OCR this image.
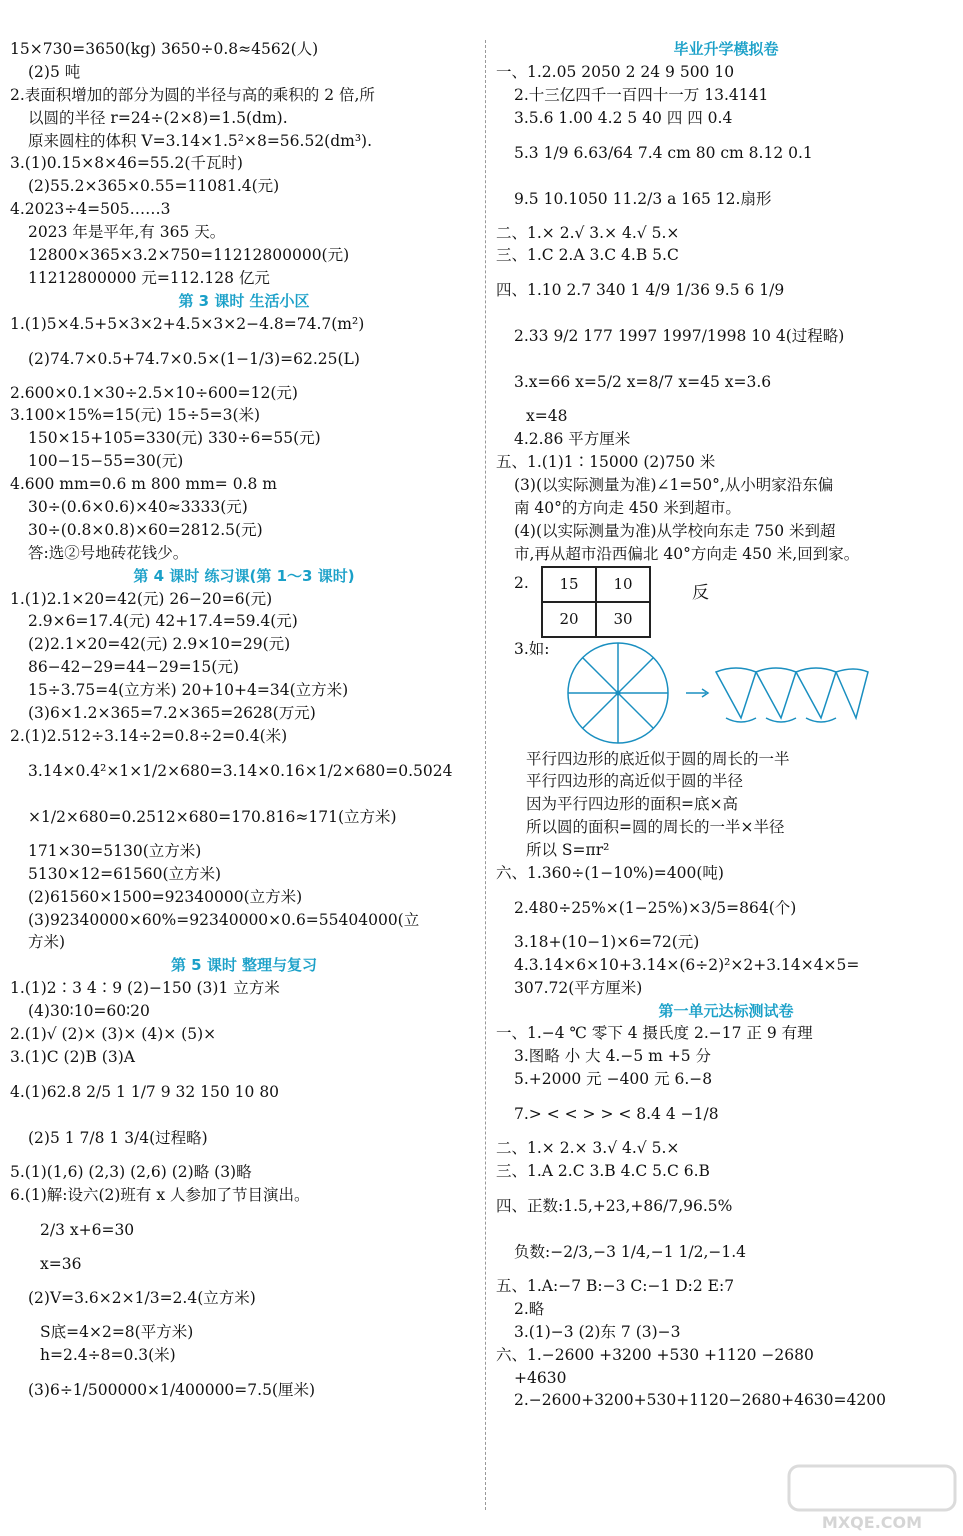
15×730=3650(kg) 3650÷0.8≈4562(人)
(2)5 吨
2.表面积增加的部分为圆的半径与高的乘积的 2 倍,所
以圆的半径 r=24÷(2×8)=1.5(dm).
原来圆柱的体积 V=3.14×1.5²×8=56.52(dm³).
3.(1)0.15×8×46=55.2(千瓦时)
(2)55.2×365×0.55=11081.4(元)
4.2023÷4=505……3
2023 年是平年,有 365 天。
12800×365×3.2×750=11212800000(元)
11212800000 元=112.128 亿元
第 3 课时 生活小区
1.(1)5×4.5+5×3×2+4.5×3×2−4.8=74.7(m²)
(2)74.7×0.5+74.7×0.5×(1−1/3)=62.25(L)
2.600×0.1×30÷2.5×10÷600=12(元)
3.100×15%=15(元) 15÷5=3(米)
150×15+105=330(元) 330÷6=55(元)
100−15−55=30(元)
4.600 mm=0.6 m 800 mm= 0.8 m
30÷(0.6×0.6)×40≈3333(元)
30÷(0.8×0.8)×60=2812.5(元)
答:选②号地砖花钱少。
第 4 课时 练习课(第 1～3 课时)
1.(1)2.1×20=42(元) 26−20=6(元)
2.9×6=17.4(元) 42+17.4=59.4(元)
(2)2.1×20=42(元) 2.9×10=29(元)
86−42−29=44−29=15(元)
15÷3.75=4(立方米) 20+10+4=34(立方米)
(3)6×1.2×365=7.2×365=2628(万元)
2.(1)2.512÷3.14÷2=0.8÷2=0.4(米)
3.14×0.4²×1×1/2×680=3.14×0.16×1/2×680=0.5024
×1/2×680=0.2512×680=170.816≈171(立方米)
171×30=5130(立方米)
5130×12=61560(立方米)
(2)61560×1500=92340000(立方米)
(3)92340000×60%=92340000×0.6=55404000(立
方米)
第 5 课时 整理与复习
1.(1)2∶3 4∶9 (2)−150 (3)1 立方米
(4)30∶10=60∶20
2.(1)√ (2)× (3)× (4)× (5)×
3.(1)C (2)B (3)A
4.(1)62.8 2/5 1 1/7 9 32 150 10 80
(2)5 1 7/8 1 3/4(过程略)
5.(1)(1,6) (2,3) (2,6) (2)略 (3)略
6.(1)解:设六(2)班有 x 人参加了节目演出。
2/3 x+6=30
x=36
(2)V=3.6×2×1/3=2.4(立方米)
S底=4×2=8(平方米)
h=2.4÷8=0.3(米)
(3)6÷1/500000×1/400000=7.5(厘米)
毕业升学模拟卷
一、1.2.05 2050 2 24 9 500 10
2.十三亿四千一百四十一万 13.4141
3.5.6 1.00 4.2 5 40 四 四 0.4
5.3 1/9 6.63/64 7.4 cm 80 cm 8.12 0.1
9.5 10.1050 11.2/3 a 165 12.扇形
二、1.× 2.√ 3.× 4.√ 5.×
三、1.C 2.A 3.C 4.B 5.C
四、1.10 2.7 340 1 4/9 1/36 9.5 6 1/9
2.33 9/2 177 1997 1997/1998 10 4(过程略)
3.x=66 x=5/2 x=8/7 x=45 x=3.6
x=48
4.2.86 平方厘米
五、1.(1)1∶15000 (2)750 米
(3)(以实际测量为准)∠1=50°,从小明家沿东偏
南 40°的方向走 450 米到超市。
(4)(以实际测量为准)从学校向东走 750 米到超
市,再从超市沿西偏北 40°方向走 450 米,回到家。
2.	15	10
20	30
反
3.如:
平行四边形的底近似于圆的周长的一半
平行四边形的高近似于圆的半径
因为平行四边形的面积=底×高
所以圆的面积=圆的周长的一半×半径
所以 S=πr²
六、1.360÷(1−10%)=400(吨)
2.480÷25%×(1−25%)×3/5=864(个)
3.18+(10−1)×6=72(元)
4.3.14×6×10+3.14×(6÷2)²×2+3.14×4×5=
307.72(平方厘米)
第一单元达标测试卷
一、1.−4 ℃ 零下 4 摄氏度 2.−17 正 9 有理
3.图略 小 大 4.−5 m +5 分
5.+2000 元 −400 元 6.−8
7.> < < > > < 8.4 4 −1/8
二、1.× 2.× 3.√ 4.√ 5.×
三、1.A 2.C 3.B 4.C 5.C 6.B
四、正数:1.5,+23,+86/7,96.5%
负数:−2/3,−3 1/4,−1 1/2,−1.4
五、1.A:−7 B:−3 C:−1 D:2 E:7
2.略
3.(1)−3 (2)东 7 (3)−3
六、1.−2600 +3200 +530 +1120 −2680
+4630
2.−2600+3200+530+1120−2680+4630=4200
MXQE.COM
